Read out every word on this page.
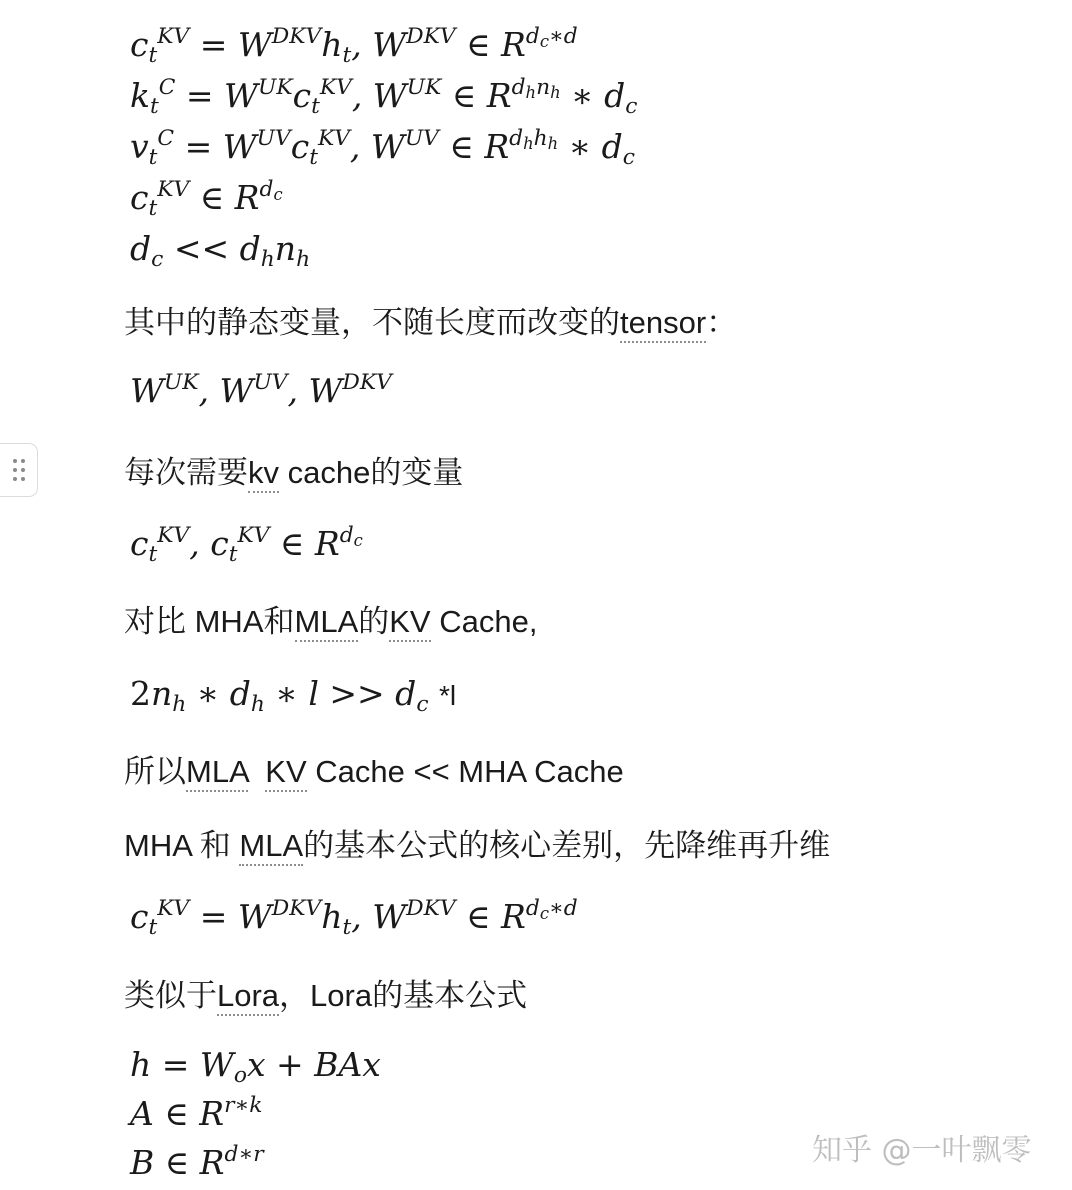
$c_t^{KV} = W^{DKV}h_t$, $W^{DKV}$ ∈ $R^{d_c∗d}$
$k_t^C = W^{UK}c_t^{KV}$, $W^{UK}$ ∈ $R^{d_hn_h}$ ∗ $d_c$
$v_t^C = W^{UV}c_t^{KV}$, $W^{UV}$ ∈ $R^{d_hh_h}$ ∗ $d_c$
$c_t^{KV}$ ∈ $R^{d_c}$
$d_c << d_hn_h$
其中的静态变量，不随长度而改变的tensor：
$W^{UK}$, $W^{UV}$, $W^{DKV}$
每次需要kv cache的变量
$c_t^{KV}$, $c_t^{KV}$ ∈ $R^{d_c}$
对比 MHA和MLA的KV Cache,
$2n_h$ ∗ $d_h$ ∗ $l >> d_c$ *l
所以MLA KV Cache << MHA Cache
MHA 和 MLA的基本公式的核心差别，先降维再升维
$c_t^{KV} = W^{DKV}h_t$, $W^{DKV}$ ∈ $R^{d_c∗d}$
类似于Lora，Lora的基本公式
$h = W_ox$ + BAx
A ∈ $R^{r∗k}$
B ∈ $R^{d∗r}$	知乎 @一叶飘零
